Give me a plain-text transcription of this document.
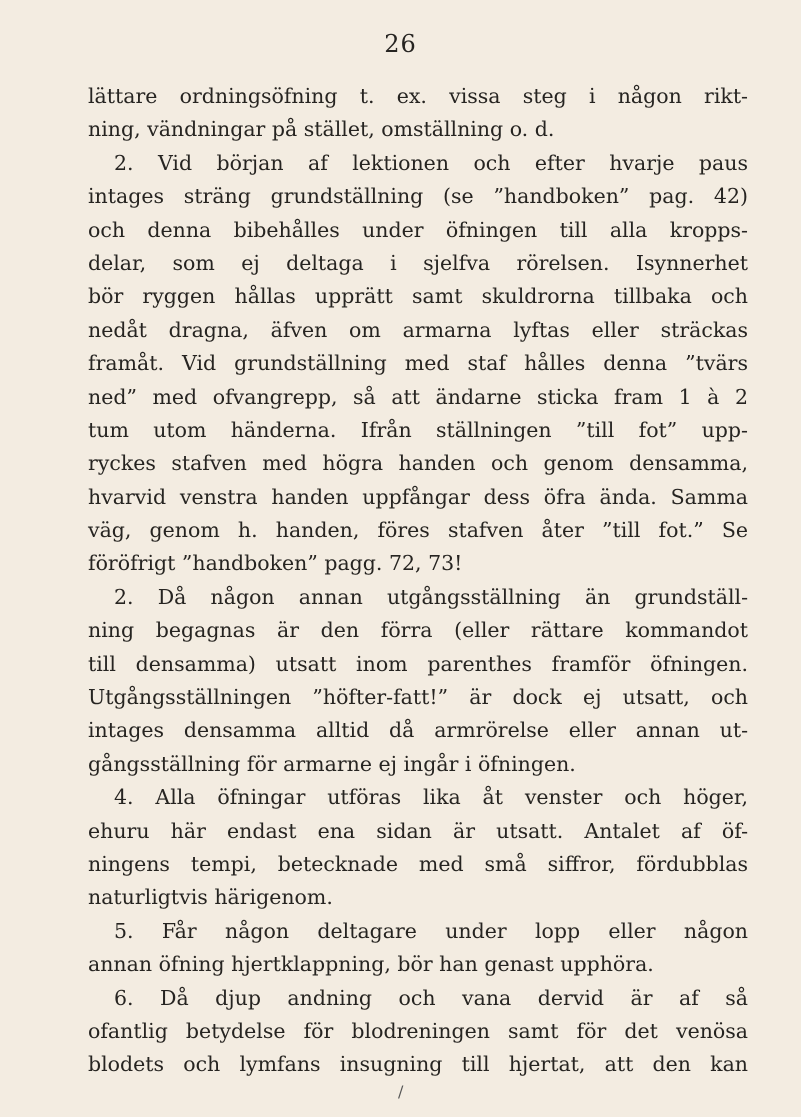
26
lättare ordningsöfning t. ex. vissa steg i någon rikt-
ning, vändningar på stället, omställning o. d.
2. Vid början af lektionen och efter hvarje paus
intages sträng grundställning (se ”handboken” pag. 42)
och denna bibehålles under öfningen till alla kropps-
delar, som ej deltaga i sjelfva rörelsen. Isynnerhet
bör ryggen hållas upprätt samt skuldrorna tillbaka och
nedåt dragna, äfven om armarna lyftas eller sträckas
framåt. Vid grundställning med staf hålles denna ”tvärs
ned” med ofvangrepp, så att ändarne sticka fram 1 à 2
tum utom händerna. Ifrån ställningen ”till fot” upp-
ryckes stafven med högra handen och genom densamma,
hvarvid venstra handen uppfångar dess öfra ända. Samma
väg, genom h. handen, föres stafven åter ”till fot.” Se
föröfrigt ”handboken” pagg. 72, 73!
2. Då någon annan utgångsställning än grundställ-
ning begagnas är den förra (eller rättare kommandot
till densamma) utsatt inom parenthes framför öfningen.
Utgångsställningen ”höfter-fatt!” är dock ej utsatt, och
intages densamma alltid då armrörelse eller annan ut-
gångsställning för armarne ej ingår i öfningen.
4. Alla öfningar utföras lika åt venster och höger,
ehuru här endast ena sidan är utsatt. Antalet af öf-
ningens tempi, betecknade med små siffror, fördubblas
naturligtvis härigenom.
5. Får någon deltagare under lopp eller någon
annan öfning hjertklappning, bör han genast upphöra.
6. Då djup andning och vana dervid är af så
ofantlig betydelse för blodreningen samt för det venösa
blodets och lymfans insugning till hjertat, att den kan
/
